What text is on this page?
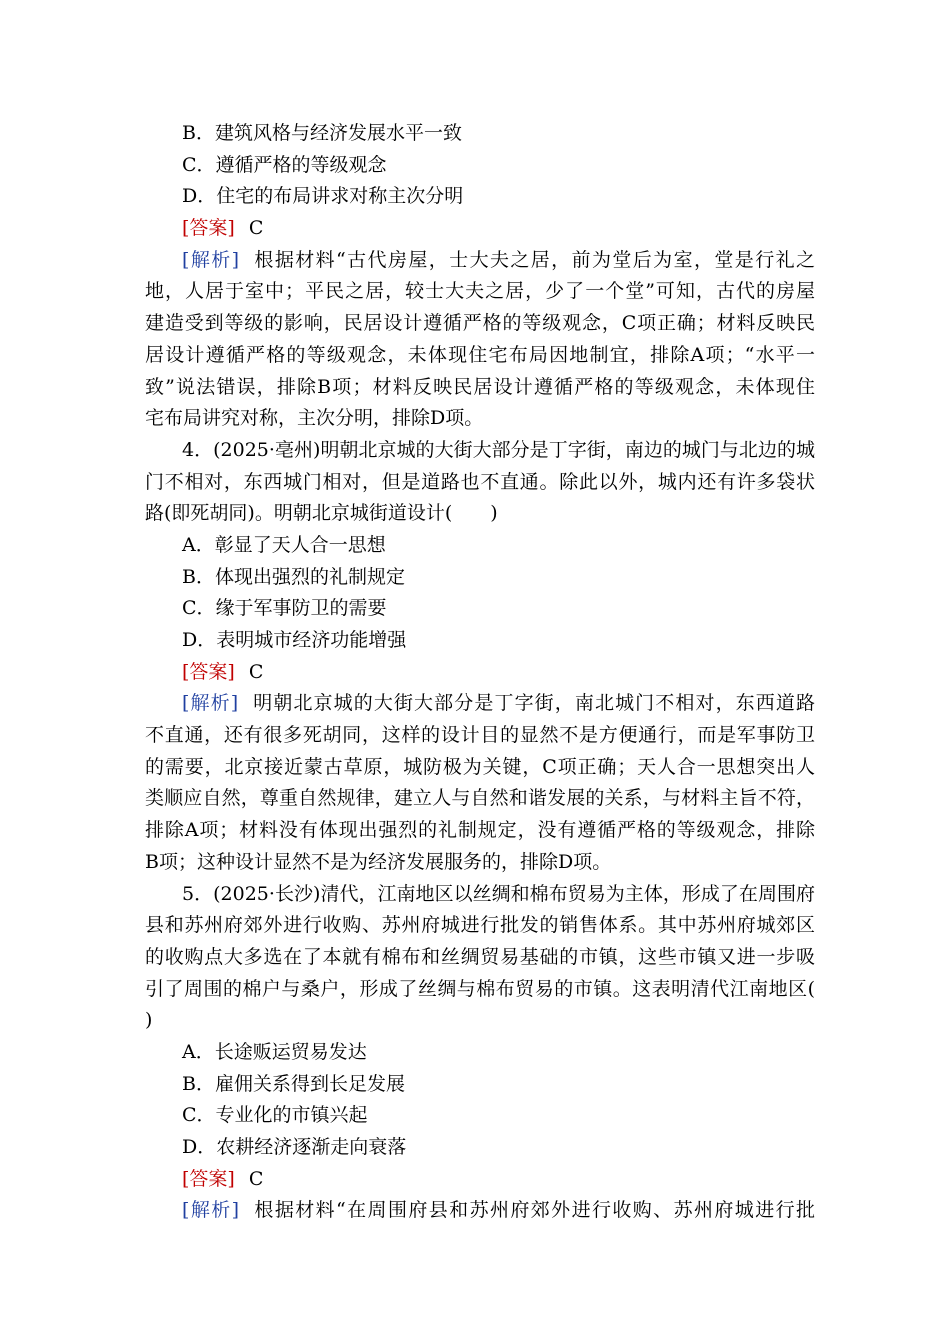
B．建筑风格与经济发展水平一致
C．遵循严格的等级观念
D．住宅的布局讲求对称主次分明
[答案] C
[解析] 根据材料“古代房屋，士大夫之居，前为堂后为室，堂是行礼之
地，人居于室中；平民之居，较士大夫之居，少了一个堂”可知，古代的房屋
建造受到等级的影响，民居设计遵循严格的等级观念，C项正确；材料反映民
居设计遵循严格的等级观念，未体现住宅布局因地制宜，排除A项；“水平一
致”说法错误，排除B项；材料反映民居设计遵循严格的等级观念，未体现住
宅布局讲究对称，主次分明，排除D项。
4．(2025·亳州)明朝北京城的大街大部分是丁字街，南边的城门与北边的城
门不相对，东西城门相对，但是道路也不直通。除此以外，城内还有许多袋状
路(即死胡同)。明朝北京城街道设计(　　)
A．彰显了天人合一思想
B．体现出强烈的礼制规定
C．缘于军事防卫的需要
D．表明城市经济功能增强
[答案] C
[解析] 明朝北京城的大街大部分是丁字街，南北城门不相对，东西道路
不直通，还有很多死胡同，这样的设计目的显然不是方便通行，而是军事防卫
的需要，北京接近蒙古草原，城防极为关键，C项正确；天人合一思想突出人
类顺应自然，尊重自然规律，建立人与自然和谐发展的关系，与材料主旨不符，
排除A项；材料没有体现出强烈的礼制规定，没有遵循严格的等级观念，排除
B项；这种设计显然不是为经济发展服务的，排除D项。
5．(2025·长沙)清代，江南地区以丝绸和棉布贸易为主体，形成了在周围府
县和苏州府郊外进行收购、苏州府城进行批发的销售体系。其中苏州府城郊区
的收购点大多选在了本就有棉布和丝绸贸易基础的市镇，这些市镇又进一步吸
引了周围的棉户与桑户，形成了丝绸与棉布贸易的市镇。这表明清代江南地区(
)
A．长途贩运贸易发达
B．雇佣关系得到长足发展
C．专业化的市镇兴起
D．农耕经济逐渐走向衰落
[答案] C
[解析] 根据材料“在周围府县和苏州府郊外进行收购、苏州府城进行批
